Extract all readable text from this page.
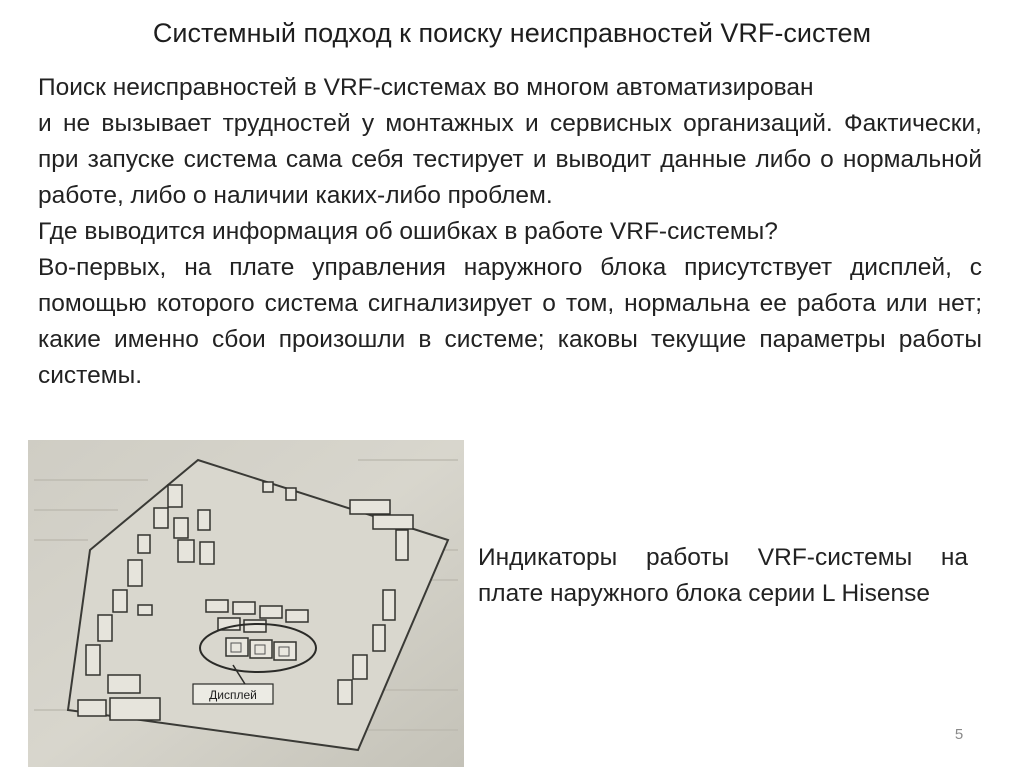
Системный подход к поиску неисправностей VRF-систем

Поиск неисправностей в VRF-системах во многом автоматизирован

и не вызывает трудностей у монтажных и сервисных организаций. Фактически, при запуске система сама себя тестирует и выводит данные либо о нормальной работе, либо о наличии каких-либо проблем.

Где выводится информация об ошибках в работе VRF-системы?

Во-первых, на плате управления наружного блока присутствует дисплей, с помощью которого система сигнализирует о том, нормальна ее работа или нет; какие именно сбои произошли в системе; каковы текущие параметры работы системы.

Дисплей

Индикаторы работы VRF-системы на плате наружного блока серии L Hisense

5
